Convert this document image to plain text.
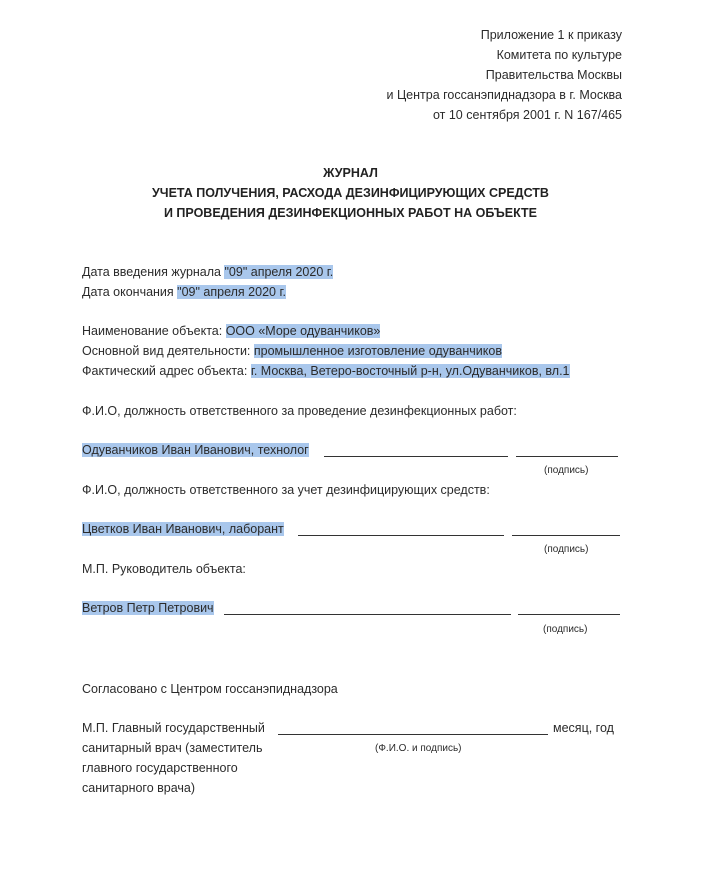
Приложение 1 к приказу
Комитета по культуре
Правительства Москвы
и Центра госсанэпиднадзора в г. Москва
от 10 сентября 2001 г. N 167/465
ЖУРНАЛ
УЧЕТА ПОЛУЧЕНИЯ, РАСХОДА ДЕЗИНФИЦИРУЮЩИХ СРЕДСТВ
И ПРОВЕДЕНИЯ ДЕЗИНФЕКЦИОННЫХ РАБОТ НА ОБЪЕКТЕ
Дата введения журнала "09" апреля 2020 г.
Дата окончания "09" апреля 2020 г.
Наименование объекта: ООО «Море одуванчиков»
Основной вид деятельности: промышленное изготовление одуванчиков
Фактический адрес объекта: г. Москва, Ветеро-восточный р-н, ул.Одуванчиков, вл.1
Ф.И.О, должность ответственного за проведение дезинфекционных работ:
Одуванчиков Иван Иванович, технолог
(подпись)
Ф.И.О, должность ответственного за учет дезинфицирующих средств:
Цветков Иван Иванович, лаборант
(подпись)
М.П. Руководитель объекта:
Ветров Петр Петрович
(подпись)
Согласовано с Центром госсанэпиднадзора
М.П. Главный государственный	месяц, год
санитарный врач (заместитель	(Ф.И.О. и подпись)
главного государственного
санитарного врача)
